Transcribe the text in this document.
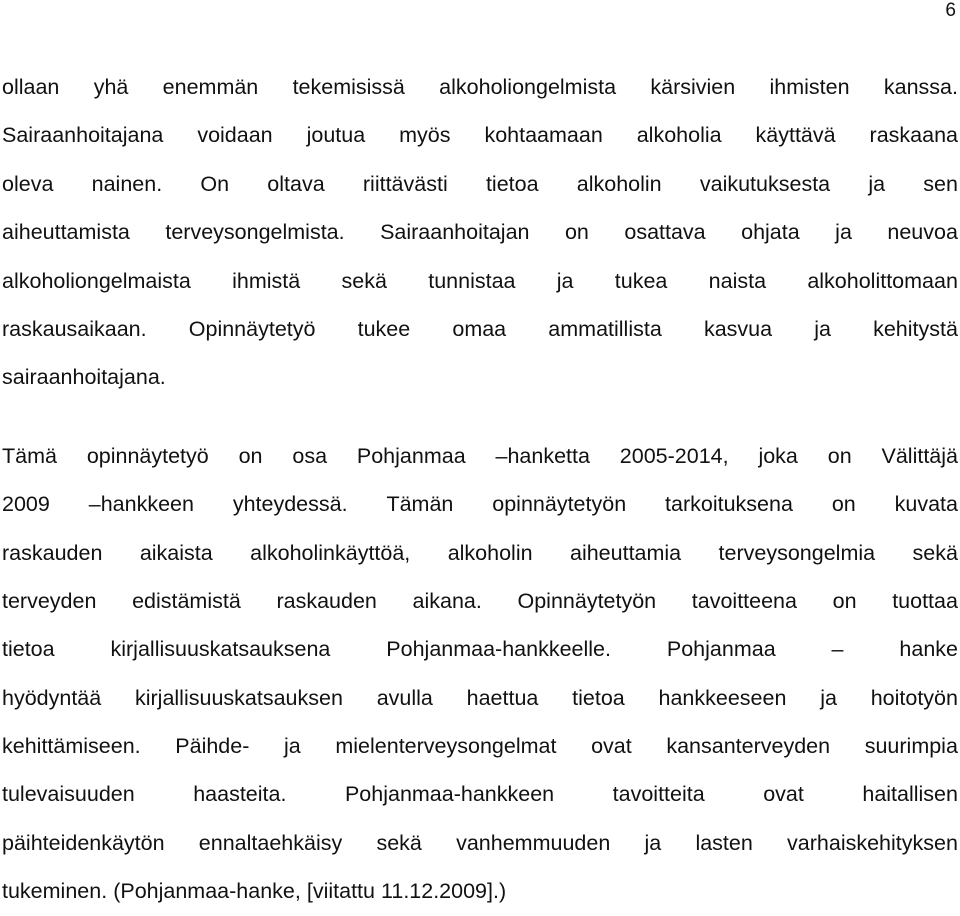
6
ollaan yhä enemmän tekemisissä alkoholiongelmista kärsivien ihmisten kanssa.
Sairaanhoitajana voidaan joutua myös kohtaamaan alkoholia käyttävä raskaana
oleva nainen. On oltava riittävästi tietoa alkoholin vaikutuksesta ja sen
aiheuttamista terveysongelmista. Sairaanhoitajan on osattava ohjata ja neuvoa
alkoholiongelmaista ihmistä sekä tunnistaa ja tukea naista alkoholittomaan
raskausaikaan. Opinnäytetyö tukee omaa ammatillista kasvua ja kehitystä
sairaanhoitajana.
Tämä opinnäytetyö on osa Pohjanmaa –hanketta 2005-2014, joka on Välittäjä
2009 –hankkeen yhteydessä. Tämän opinnäytetyön tarkoituksena on kuvata
raskauden aikaista alkoholinkäyttöä, alkoholin aiheuttamia terveysongelmia sekä
terveyden edistämistä raskauden aikana. Opinnäytetyön tavoitteena on tuottaa
tietoa	kirjallisuuskatsauksena	Pohjanmaa-hankkeelle.	Pohjanmaa	–	hanke
hyödyntää kirjallisuuskatsauksen avulla haettua tietoa hankkeeseen ja hoitotyön
kehittämiseen. Päihde- ja mielenterveysongelmat ovat kansanterveyden suurimpia
tulevaisuuden	haasteita.	Pohjanmaa-hankkeen	tavoitteita	ovat	haitallisen
päihteidenkäytön ennaltaehkäisy sekä vanhemmuuden ja lasten varhaiskehityksen
tukeminen. (Pohjanmaa-hanke, [viitattu 11.12.2009].)
